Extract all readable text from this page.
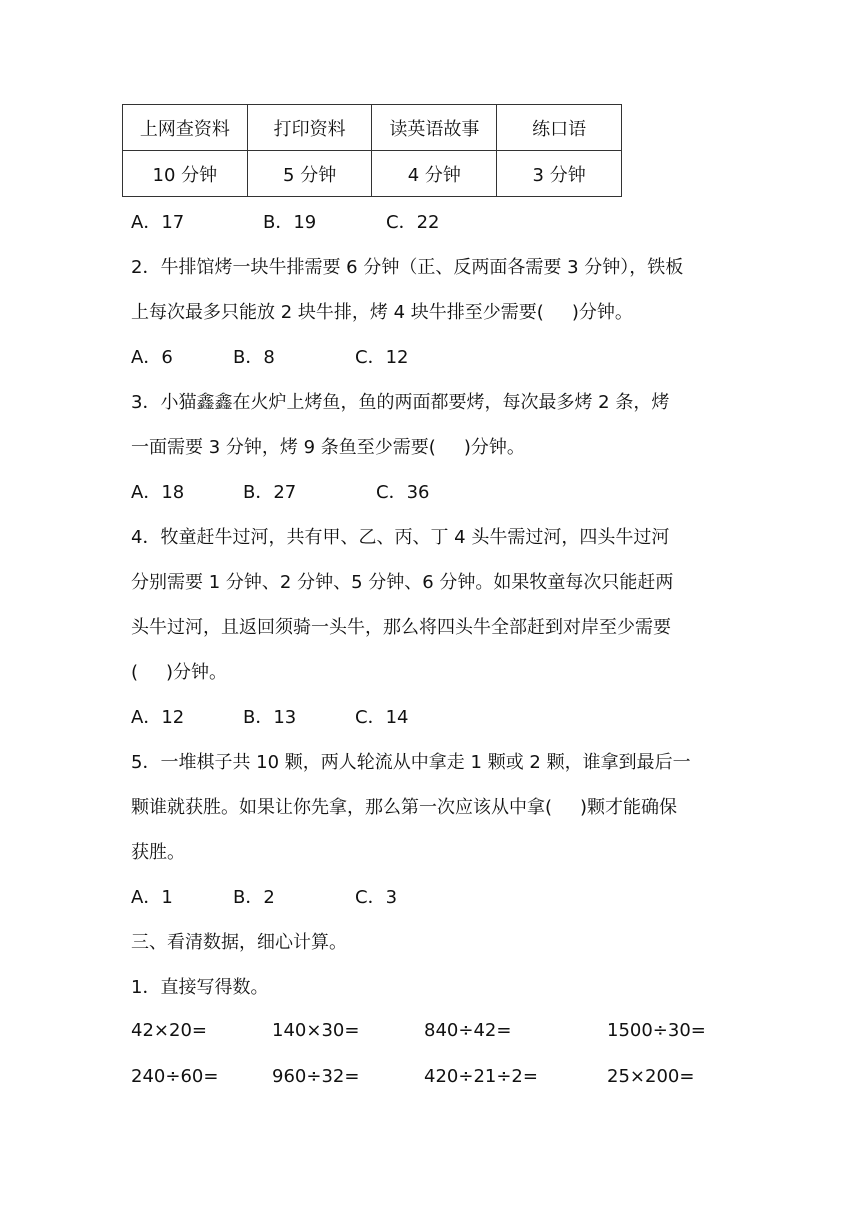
上网查资料	打印资料	读英语故事	练口语
10 分钟	5 分钟	4 分钟	3 分钟
A．17	B．19	C．22
2．牛排馆烤一块牛排需要 6 分钟（正、反两面各需要 3 分钟），铁板
上每次最多只能放 2 块牛排，烤 4 块牛排至少需要( )分钟。
A．6	B．8	C．12
3．小猫鑫鑫在火炉上烤鱼，鱼的两面都要烤，每次最多烤 2 条，烤
一面需要 3 分钟，烤 9 条鱼至少需要( )分钟。
A．18	B．27	C．36
4．牧童赶牛过河，共有甲、乙、丙、丁 4 头牛需过河，四头牛过河
分别需要 1 分钟、2 分钟、5 分钟、6 分钟。如果牧童每次只能赶两
头牛过河，且返回须骑一头牛，那么将四头牛全部赶到对岸至少需要
( )分钟。
A．12	B．13	C．14
5．一堆棋子共 10 颗，两人轮流从中拿走 1 颗或 2 颗，谁拿到最后一
颗谁就获胜。如果让你先拿，那么第一次应该从中拿( )颗才能确保
获胜。
A．1	B．2	C．3
三、看清数据，细心计算。
1．直接写得数。
42×20=	140×30=	840÷42=	1500÷30=
240÷60=	960÷32=	420÷21÷2=	25×200=
